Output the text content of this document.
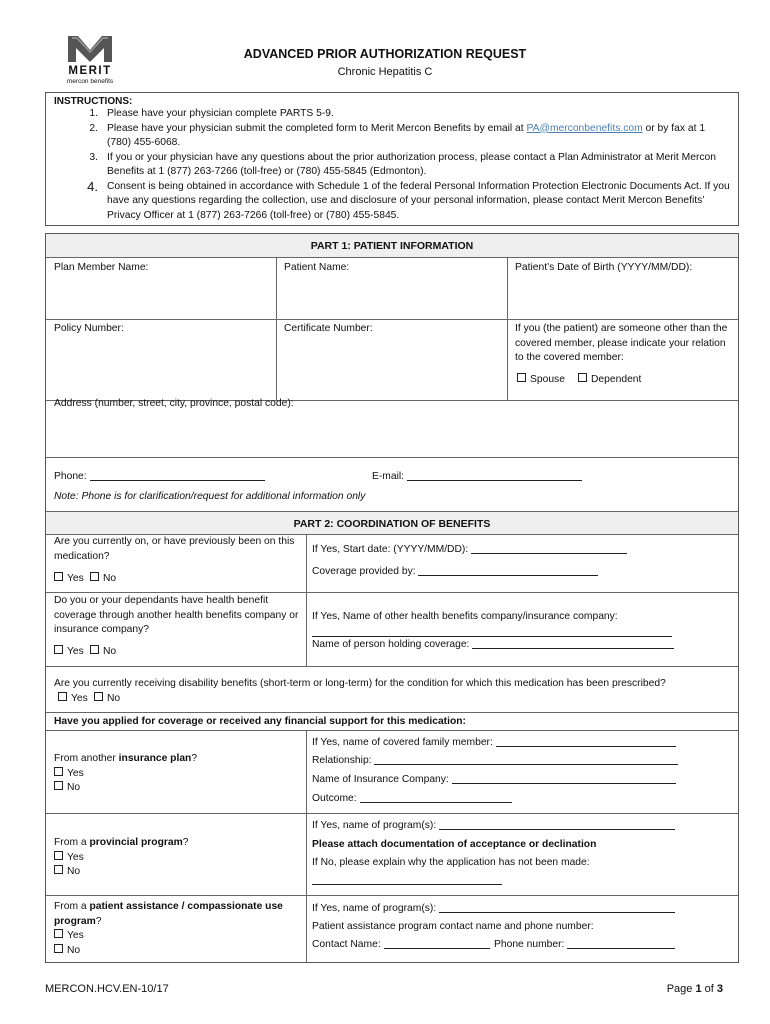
MERIT
mercon benefits
ADVANCED PRIOR AUTHORIZATION REQUEST
Chronic Hepatitis C
INSTRUCTIONS:
1. Please have your physician complete PARTS 5-9.
2. Please have your physician submit the completed form to Merit Mercon Benefits by email at PA@merconbenefits.com or by fax at 1 (780) 455-6068.
3. If you or your physician have any questions about the prior authorization process, please contact a Plan Administrator at Merit Mercon Benefits at 1 (877) 263-7266 (toll-free) or (780) 455-5845 (Edmonton).
4. Consent is being obtained in accordance with Schedule 1 of the federal Personal Information Protection Electronic Documents Act. If you have any questions regarding the collection, use and disclosure of your personal information, please contact Merit Mercon Benefits’ Privacy Officer at 1 (877) 263-7266 (toll-free) or (780) 455-5845.
PART 1: PATIENT INFORMATION
Plan Member Name:	Patient Name:	Patient’s Date of Birth (YYYY/MM/DD):
Policy Number:	Certificate Number:	If you (the patient) are someone other than the covered member, please indicate your relation to the covered member:
Spouse	Dependent
Address (number, street, city, province, postal code):
Phone:	E-mail:
Note: Phone is for clarification/request for additional information only
PART 2: COORDINATION OF BENEFITS
Are you currently on, or have previously been on this medication?
Yes	No
If Yes, Start date: (YYYY/MM/DD):
Coverage provided by:
Do you or your dependants have health benefit coverage through another health benefits company or insurance company?
Yes	No
If Yes, Name of other health benefits company/insurance company:
Name of person holding coverage:
Are you currently receiving disability benefits (short-term or long-term) for the condition for which this medication has been prescribed?
Yes	No
Have you applied for coverage or received any financial support for this medication:
From another insurance plan?
Yes
No
If Yes, name of covered family member:
Relationship:
Name of Insurance Company:
Outcome:
From a provincial program?
Yes
No
If Yes, name of program(s):
Please attach documentation of acceptance or declination
If No, please explain why the application has not been made:
From a patient assistance / compassionate use
program?
Yes
No
If Yes, name of program(s):
Patient assistance program contact name and phone number:
Contact Name:	Phone number:
MERCON.HCV.EN-10/17	Page 1 of 3
